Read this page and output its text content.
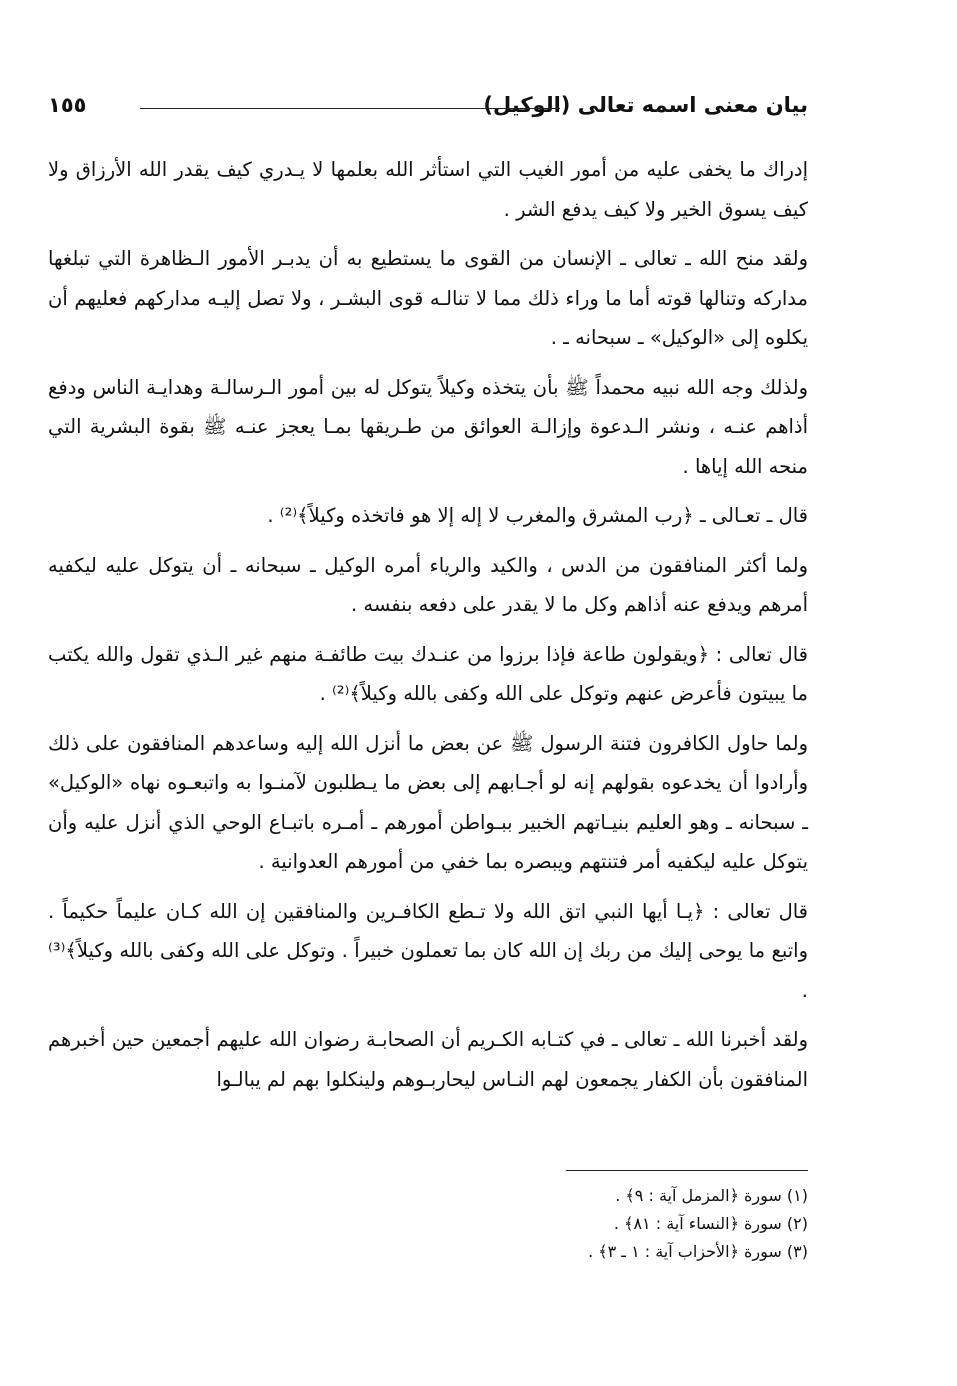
بيان معنى اسمه تعالى (الوكيل)
١٥٥

إدراك ما يخفى عليه من أمور الغيب التي استأثر الله بعلمها لا يـدري كيف يقدر الله الأرزاق ولا كيف يسوق الخير ولا كيف يدفع الشر .

ولقد منح الله ـ تعالى ـ الإنسان من القوى ما يستطيع به أن يدبـر الأمور الـظاهرة التي تبلغها مداركه وتنالها قوته أما ما وراء ذلك مما لا تنالـه قوى البشـر ، ولا تصل إليـه مداركهم فعليهم أن يكلوه إلى «الوكيل» ـ سبحانه ـ .

ولذلك وجه الله نبيه محمداً ﷺ بأن يتخذه وكيلاً يتوكل له بين أمور الـرسالـة وهدايـة الناس ودفع أذاهم عنـه ، ونشر الـدعوة وإزالـة العوائق من طـريقها بمـا يعجز عنـه ﷺ بقوة البشرية التي منحه الله إياها .

قال ـ تعـالى ـ ﴿رب المشرق والمغرب لا إله إلا هو فاتخذه وكيلاً﴾⁽²⁾ .

ولما أكثر المنافقون من الدس ، والكيد والرياء أمره الوكيل ـ سبحانه ـ أن يتوكل عليه ليكفيه أمرهم ويدفع عنه أذاهم وكل ما لا يقدر على دفعه بنفسه .

قال تعالى : ﴿ويقولون طاعة فإذا برزوا من عنـدك بيت طائفـة منهم غير الـذي تقول والله يكتب ما يبيتون فأعرض عنهم وتوكل على الله وكفى بالله وكيلاً﴾⁽²⁾ .

ولما حاول الكافرون فتنة الرسول ﷺ عن بعض ما أنزل الله إليه وساعدهم المنافقون على ذلك وأرادوا أن يخدعوه بقولهم إنه لو أجـابهم إلى بعض ما يـطلبون لآمنـوا به واتبعـوه نهاه «الوكيل» ـ سبحانه ـ وهو العليم بنيـاتهم الخبير ببـواطن أمورهم ـ أمـره باتبـاع الوحي الذي أنزل عليه وأن يتوكل عليه ليكفيه أمر فتنتهم ويبصره بما خفي من أمورهم العدوانية .

قال تعالى : ﴿يـا أيها النبي اتق الله ولا تـطع الكافـرين والمنافقين إن الله كـان عليماً حكيماً . واتبع ما يوحى إليك من ربك إن الله كان بما تعملون خبيراً . وتوكل على الله وكفى بالله وكيلاً﴾⁽³⁾ .

ولقد أخبرنا الله ـ تعالى ـ في كتـابه الكـريم أن الصحابـة رضوان الله عليهم أجمعين حين أخبرهم المنافقون بأن الكفار يجمعون لهم النـاس ليحاربـوهم ولينكلوا بهم لم يبالـوا

(١) سورة ﴿المزمل آية : ٩﴾ .

(٢) سورة ﴿النساء آية : ٨١﴾ .

(٣) سورة ﴿الأحزاب آية : ١ ـ ٣﴾ .
